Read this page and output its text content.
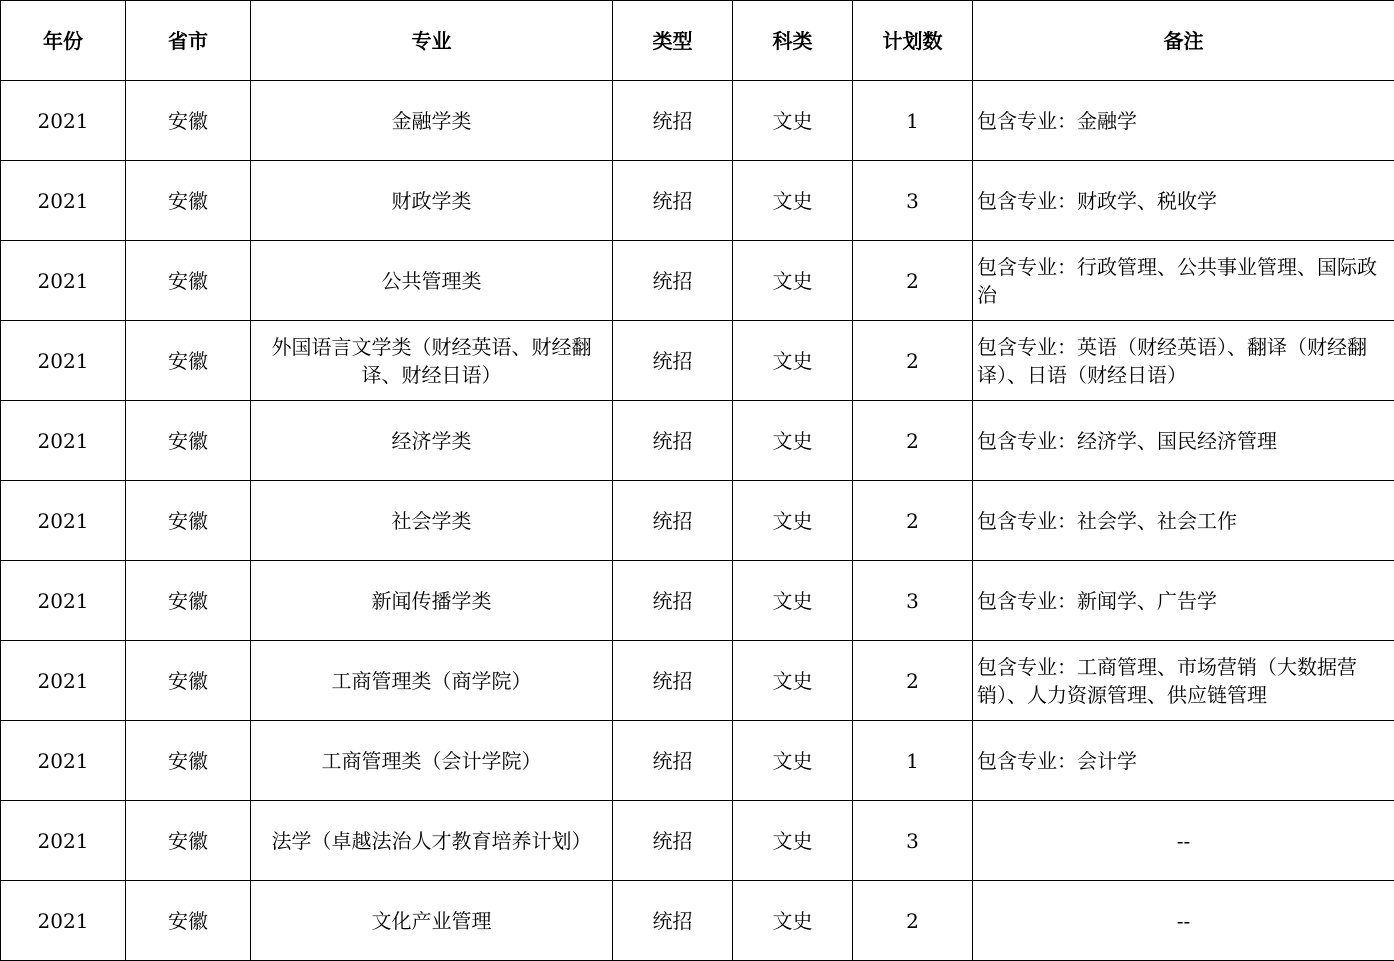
年份	省市	专业	类型	科类	计划数	备注
2021	安徽	金融学类	统招	文史	1	包含专业：金融学
2021	安徽	财政学类	统招	文史	3	包含专业：财政学、税收学
2021	安徽	公共管理类	统招	文史	2	包含专业：行政管理、公共事业管理、国际政治
2021	安徽	外国语言文学类（财经英语、财经翻译、财经日语）	统招	文史	2	包含专业：英语（财经英语）、翻译（财经翻译）、日语（财经日语）
2021	安徽	经济学类	统招	文史	2	包含专业：经济学、国民经济管理
2021	安徽	社会学类	统招	文史	2	包含专业：社会学、社会工作
2021	安徽	新闻传播学类	统招	文史	3	包含专业：新闻学、广告学
2021	安徽	工商管理类（商学院）	统招	文史	2	包含专业：工商管理、市场营销（大数据营销）、人力资源管理、供应链管理
2021	安徽	工商管理类（会计学院）	统招	文史	1	包含专业：会计学
2021	安徽	法学（卓越法治人才教育培养计划）	统招	文史	3	--
2021	安徽	文化产业管理	统招	文史	2	--
